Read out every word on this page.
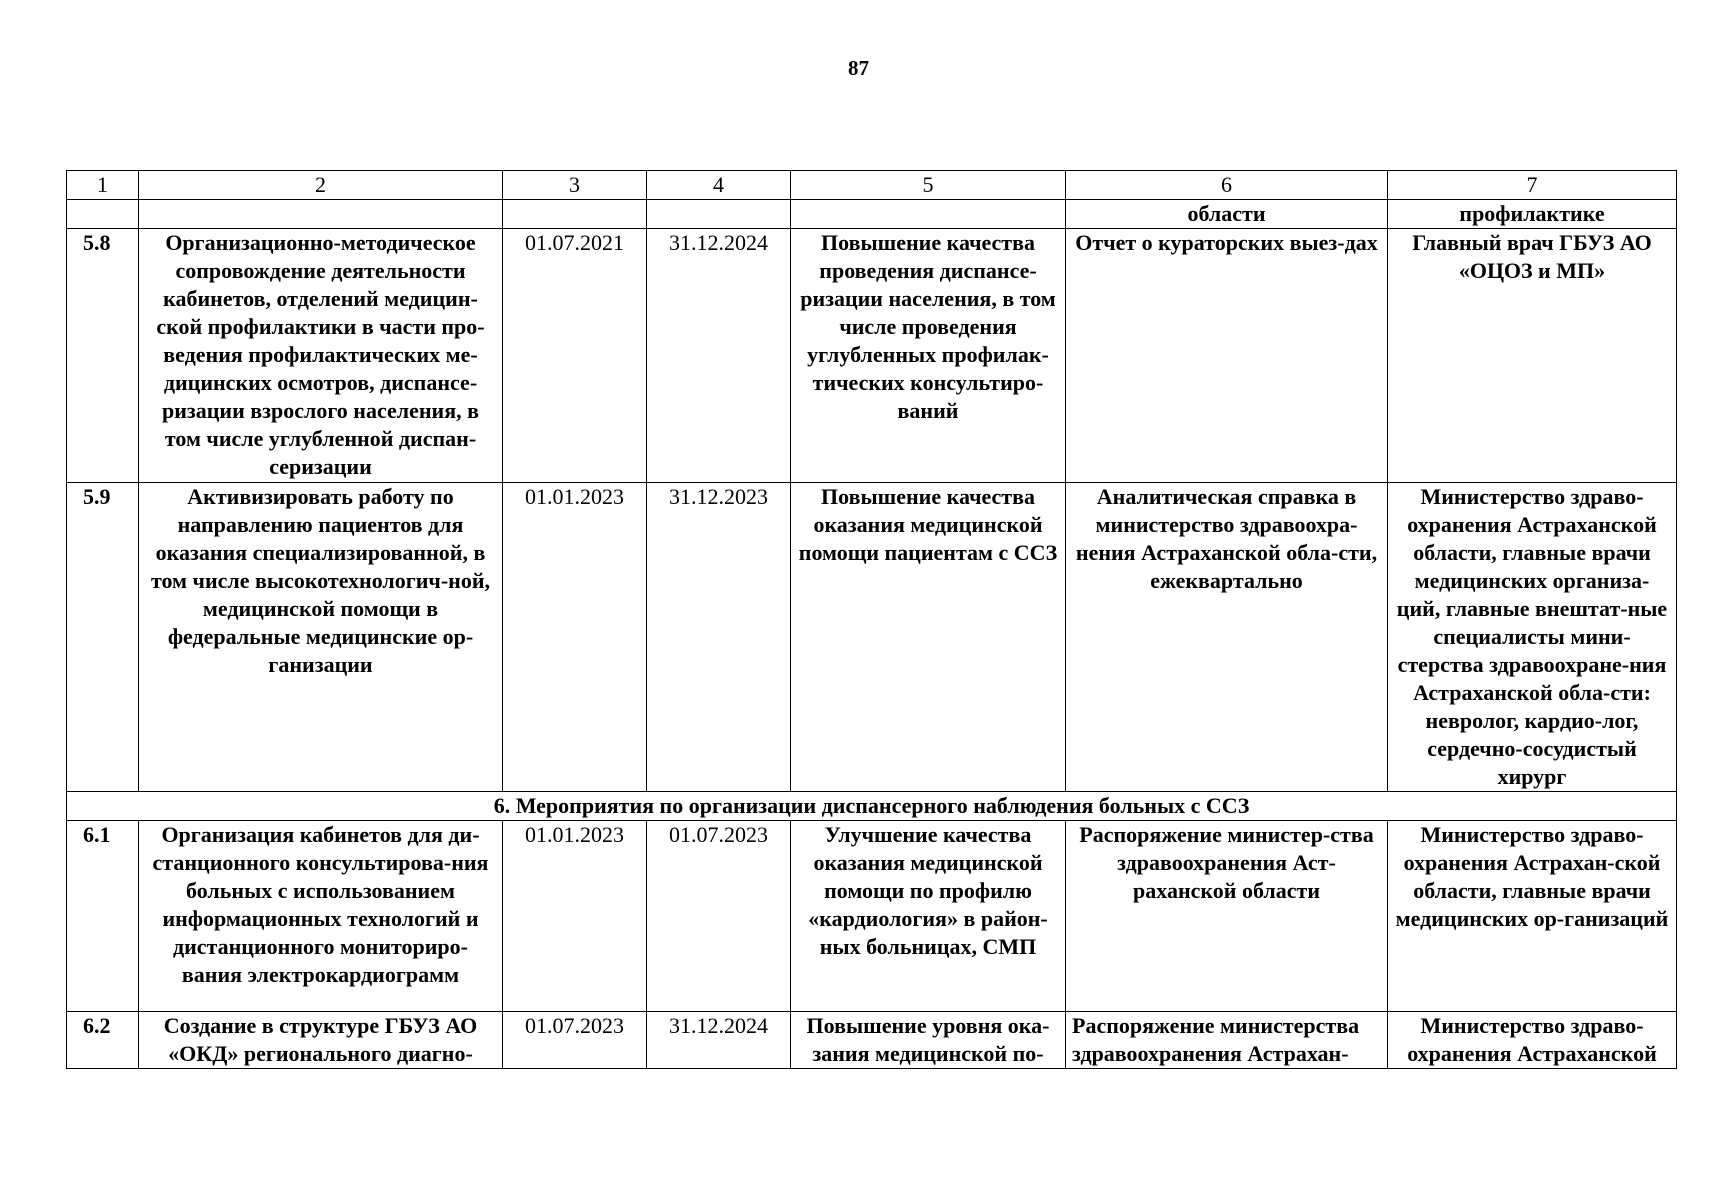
87
1	2	3	4	5	6	7
					области	профилактике
5.8	Организационно-методическое сопровождение деятельности кабинетов, отделений медицин-ской профилактики в части про-ведения профилактических ме-дицинских осмотров, диспансе-ризации взрослого населения, в том числе углубленной диспан-серизации	01.07.2021	31.12.2024	Повышение качества проведения диспансе-ризации населения, в том числе проведения углубленных профилак-тических консультиро-ваний	Отчет о кураторских выез-дах	Главный врач ГБУЗ АО «ОЦОЗ и МП»
5.9	Активизировать работу по направлению пациентов для оказания специализированной, в том числе высокотехнологич-ной, медицинской помощи в федеральные медицинские ор-ганизации	01.01.2023	31.12.2023	Повышение качества оказания медицинской помощи пациентам с ССЗ	Аналитическая справка в министерство здравоохра-нения Астраханской обла-сти, ежеквартально	Министерство здраво-охранения Астраханской области, главные врачи медицинских организа-ций, главные внештат-ные специалисты мини-стерства здравоохране-ния Астраханской обла-сти: невролог, кардио-лог, сердечно-сосудистый хирург
6. Мероприятия по организации диспансерного наблюдения больных с ССЗ						
6.1	Организация кабинетов для ди-станционного консультирова-ния больных с использованием информационных технологий и дистанционного мониториро-вания электрокардиограмм	01.01.2023	01.07.2023	Улучшение качества оказания медицинской помощи по профилю «кардиология» в район-ных больницах, СМП	Распоряжение министер-ства здравоохранения Аст-раханской области	Министерство здраво-охранения Астрахан-ской области, главные врачи медицинских ор-ганизаций
6.2	Создание в структуре ГБУЗ АО «ОКД» регионального диагно-	01.07.2023	31.12.2024	Повышение уровня ока-зания медицинской по-	Распоряжение министерства здравоохранения Астрахан-	Министерство здраво-охранения Астраханской
